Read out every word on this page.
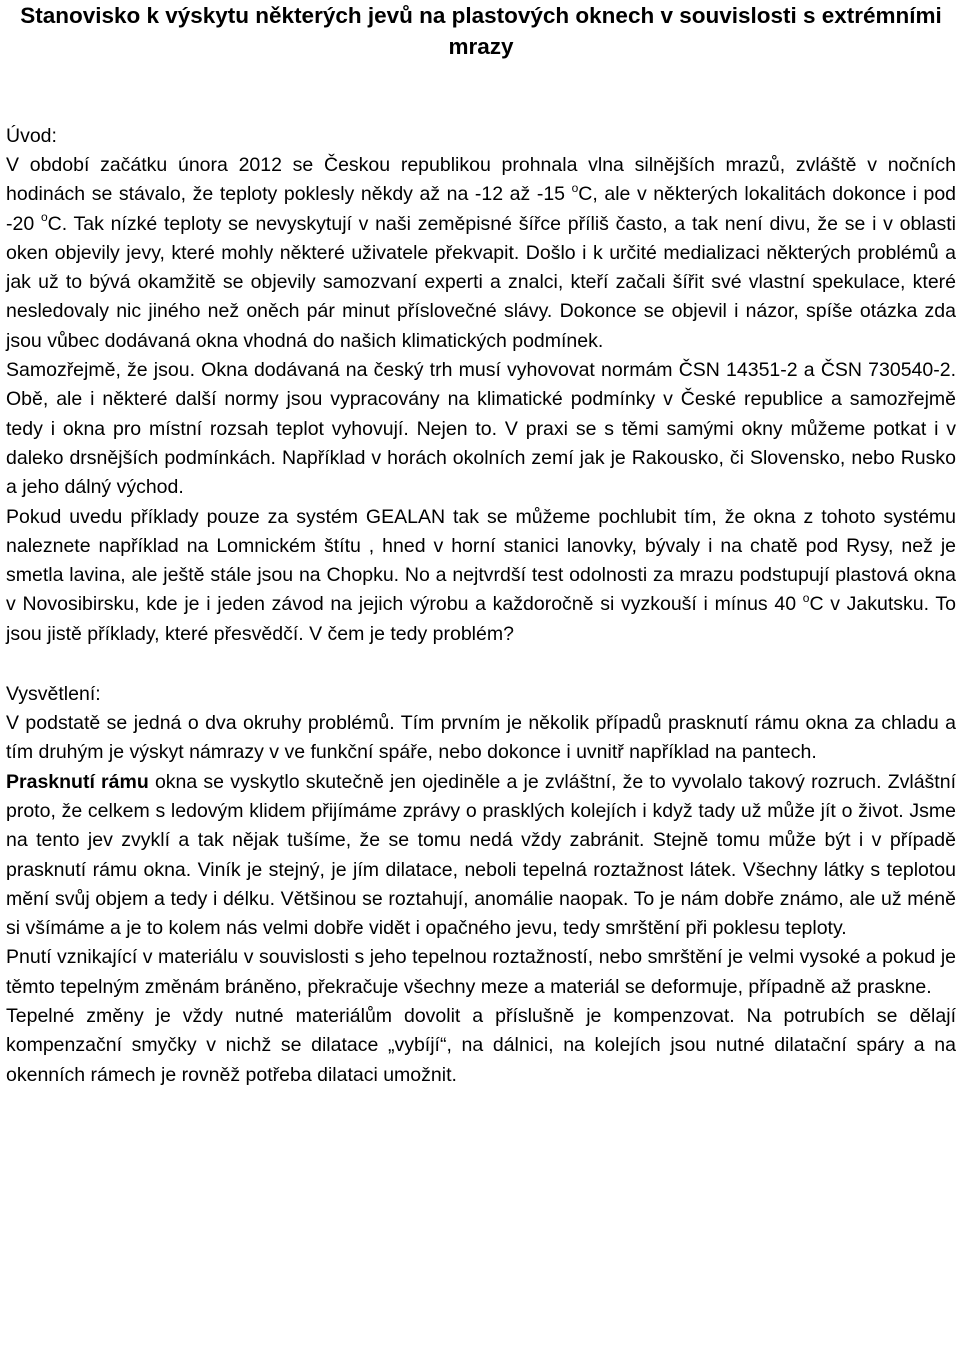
Stanovisko k výskytu některých jevů na plastových oknech v souvislosti s extrémními mrazy

Úvod:

V období začátku února 2012 se Českou republikou prohnala vlna silnějších mrazů, zvláště v nočních hodinách se stávalo, že teploty poklesly někdy až na -12 až -15 $^o$C, ale v některých lokalitách dokonce i pod -20 $^o$C. Tak nízké teploty se nevyskytují v naši zeměpisné šířce příliš často, a tak není divu, že se i v oblasti oken objevily jevy, které mohly některé uživatele překvapit. Došlo i k určité medializaci některých problémů a jak už to bývá okamžitě se objevily samozvaní experti a znalci, kteří začali šířit své vlastní spekulace, které nesledovaly nic jiného než oněch pár minut příslovečné slávy. Dokonce se objevil i názor, spíše otázka zda jsou vůbec dodávaná okna vhodná do našich klimatických podmínek.

Samozřejmě, že jsou. Okna dodávaná na český trh musí vyhovovat normám ČSN 14351-2 a ČSN 730540-2. Obě, ale i některé další normy jsou vypracovány na klimatické podmínky v České republice a samozřejmě tedy i okna pro místní rozsah teplot vyhovují. Nejen to. V praxi se s těmi samými okny můžeme potkat i v daleko drsnějších podmínkách. Například v horách okolních zemí jak je Rakousko, či Slovensko, nebo Rusko a jeho dálný východ.

Pokud uvedu příklady pouze za systém GEALAN tak se můžeme pochlubit tím, že okna z tohoto systému naleznete například na Lomnickém štítu , hned v horní stanici lanovky, bývaly i na chatě pod Rysy, než je smetla lavina, ale ještě stále jsou na Chopku. No a nejtvrdší test odolnosti za mrazu podstupují plastová okna v Novosibirsku, kde je i jeden závod na jejich výrobu a každoročně si vyzkouší i mínus 40 $^o$C v Jakutsku. To jsou jistě příklady, které přesvědčí. V čem je tedy problém?

Vysvětlení:

V podstatě se jedná o dva okruhy problémů. Tím prvním je několik případů prasknutí rámu okna za chladu a tím druhým je výskyt námrazy v ve funkční spáře, nebo dokonce i uvnitř například na pantech.

Prasknutí rámu okna se vyskytlo skutečně jen ojediněle a je zvláštní, že to vyvolalo takový rozruch. Zvláštní proto, že celkem s ledovým klidem přijímáme zprávy o prasklých kolejích i když tady už může jít o život. Jsme na tento jev zvyklí a tak nějak tušíme, že se tomu nedá vždy zabránit. Stejně tomu může být i v případě prasknutí rámu okna. Viník je stejný, je jím dilatace, neboli tepelná roztažnost látek. Všechny látky s teplotou mění svůj objem a tedy i délku. Většinou se roztahují, anomálie naopak. To je nám dobře známo, ale už méně si všímáme a je to kolem nás velmi dobře vidět i opačného jevu, tedy smrštění při poklesu teploty.

Pnutí vznikající v materiálu v souvislosti s jeho tepelnou roztažností, nebo smrštění je velmi vysoké a pokud je těmto tepelným změnám bráněno, překračuje všechny meze a materiál se deformuje, případně až praskne.

Tepelné změny je vždy nutné materiálům dovolit a příslušně je kompenzovat. Na potrubích se dělají kompenzační smyčky v nichž se dilatace „vybíjí“, na dálnici, na kolejích jsou nutné dilatační spáry a na okenních rámech je rovněž potřeba dilataci umožnit.
